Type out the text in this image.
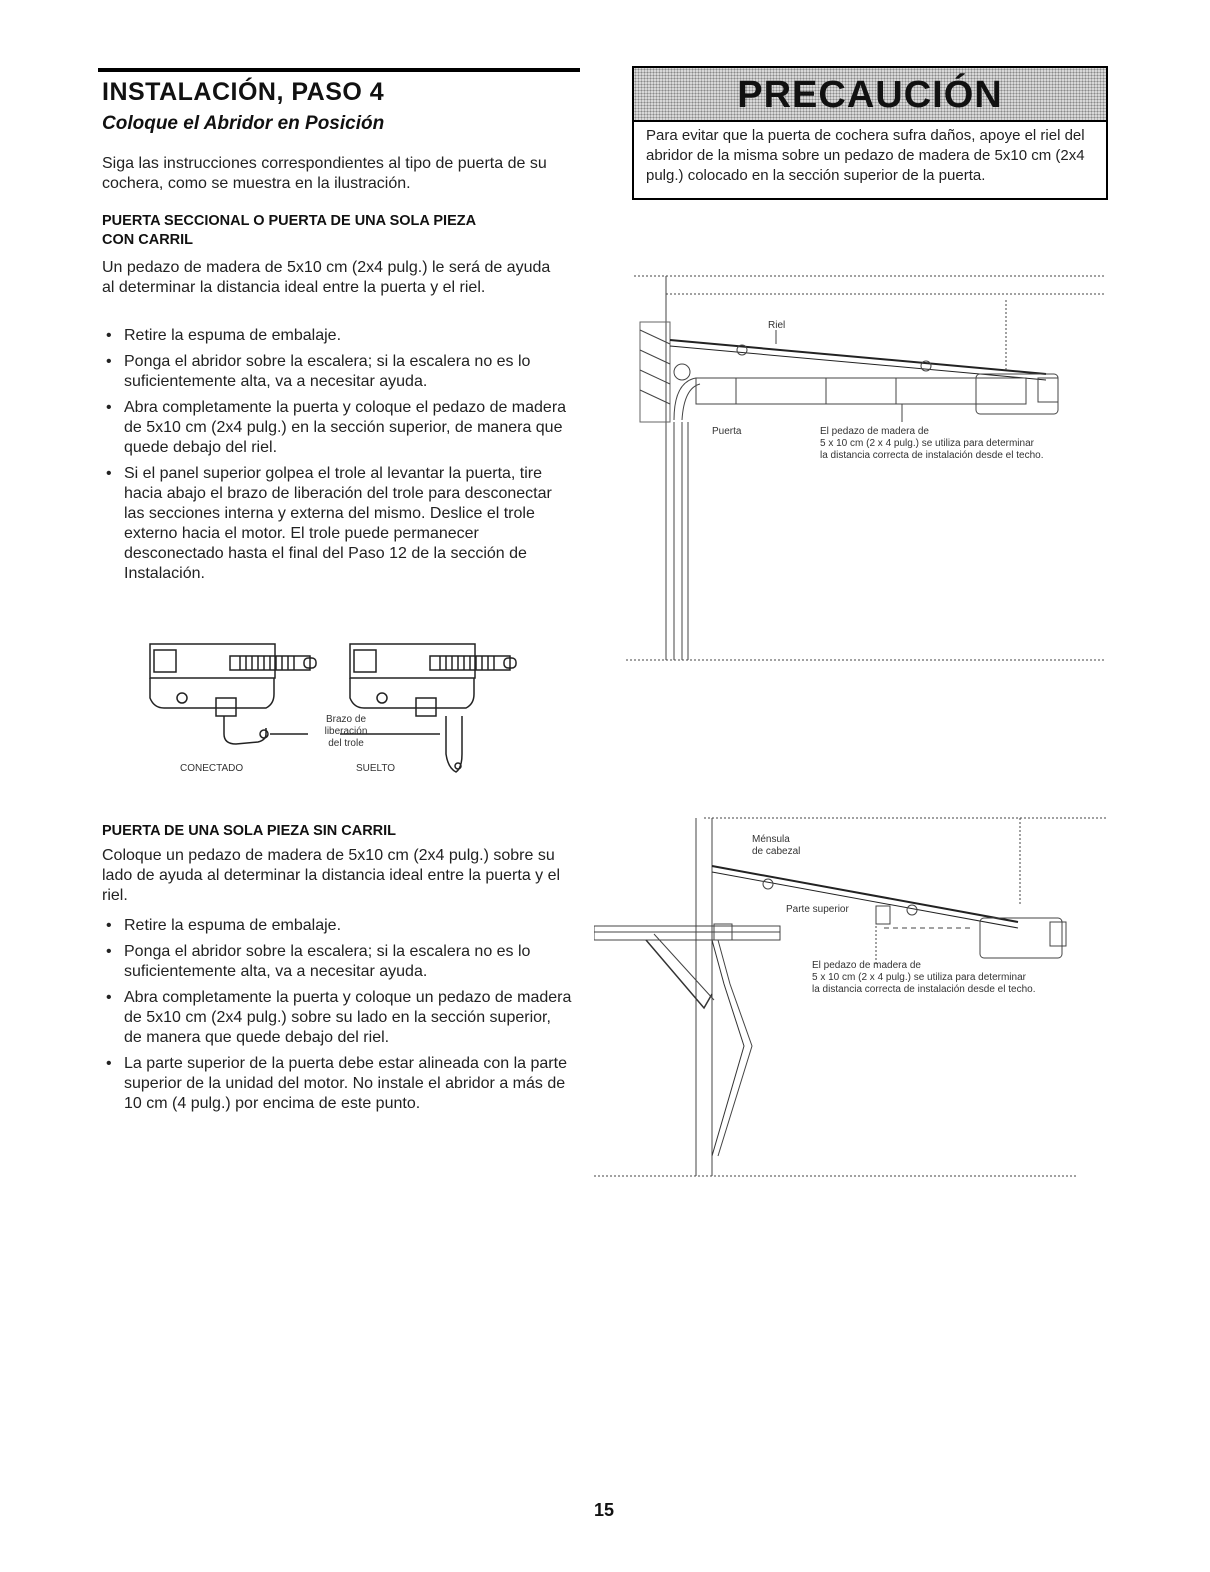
INSTALACIÓN, PASO 4
Coloque el Abridor en Posición
Siga las instrucciones correspondientes al tipo de puerta de su cochera, como se muestra en la ilustración.
PUERTA SECCIONAL O PUERTA DE UNA SOLA PIEZA
CON CARRIL
Un pedazo de madera de 5x10 cm (2x4 pulg.) le será de ayuda al determinar la distancia ideal entre la puerta y el riel.
• Retire la espuma de embalaje.
• Ponga el abridor sobre la escalera; si la escalera no es lo suficientemente alta, va a necesitar ayuda.
• Abra completamente la puerta y coloque el pedazo de madera de 5x10 cm (2x4 pulg.) en la sección superior, de manera que quede debajo del riel.
• Si el panel superior golpea el trole al levantar la puerta, tire hacia abajo el brazo de liberación del trole para desconectar las secciones interna y externa del mismo. Deslice el trole externo hacia el motor. El trole puede permanecer desconectado hasta el final del Paso 12 de la sección de Instalación.
Brazo de
liberación
del trole
CONECTADO	SUELTO
PUERTA DE UNA SOLA PIEZA SIN CARRIL
Coloque un pedazo de madera de 5x10 cm (2x4 pulg.) sobre su lado de ayuda al determinar la distancia ideal entre la puerta y el riel.
• Retire la espuma de embalaje.
• Ponga el abridor sobre la escalera; si la escalera no es lo suficientemente alta, va a necesitar ayuda.
• Abra completamente la puerta y coloque un pedazo de madera de 5x10 cm (2x4 pulg.) sobre su lado en la sección superior, de manera que quede debajo del riel.
• La parte superior de la puerta debe estar alineada con la parte superior de la unidad del motor. No instale el abridor a más de 10 cm (4 pulg.) por encima de este punto.
PRECAUCIÓN
Para evitar que la puerta de cochera sufra daños, apoye el riel del abridor de la misma sobre un pedazo de madera de 5x10 cm (2x4 pulg.) colocado en la sección superior de la puerta.
Riel
Puerta	El pedazo de madera de
5 x 10 cm (2 x 4 pulg.) se utiliza para determinar
la distancia correcta de instalación desde el techo.
Ménsula
de cabezal
Parte superior
El pedazo de madera de
5 x 10 cm (2 x 4 pulg.) se utiliza para determinar
la distancia correcta de instalación desde el techo.
15
